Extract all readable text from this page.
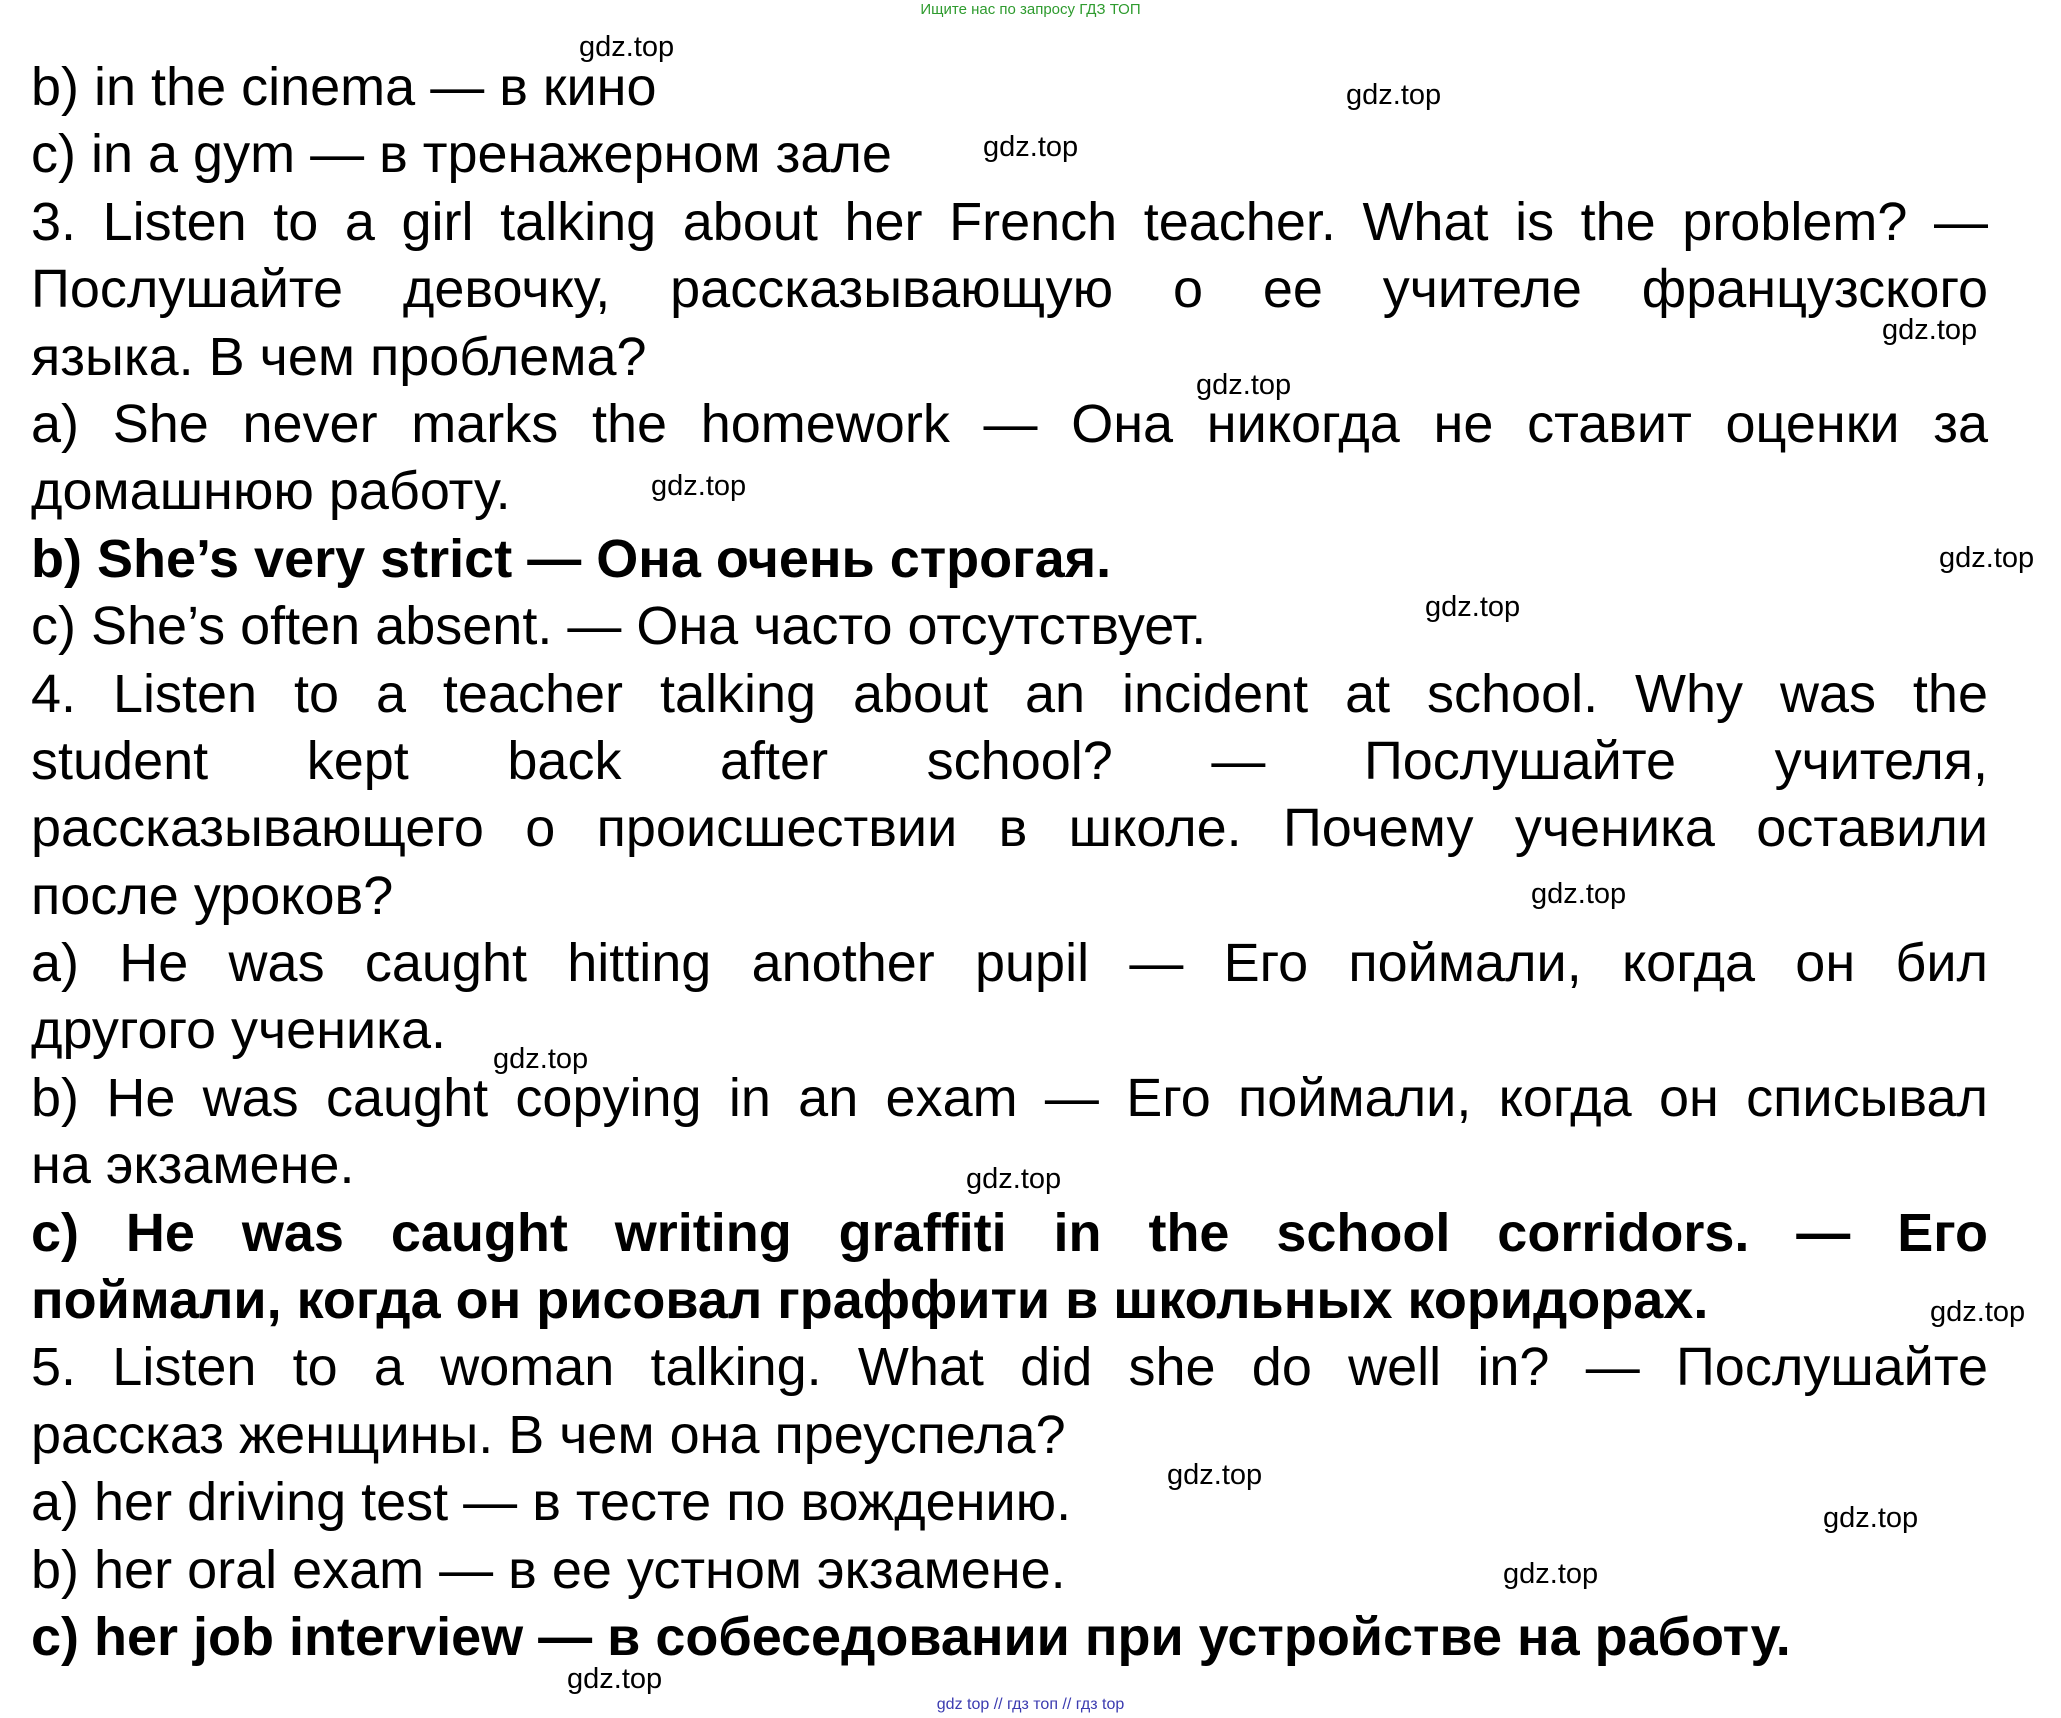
Ищите нас по запросу ГДЗ ТОП
b) in the cinema — в кино
c) in a gym — в тренажерном зале
3. Listen to a girl talking about her French teacher. What is the problem? —
Послушайте девочку, рассказывающую о ее учителе французского
языка. В чем проблема?
a) She never marks the homework — Она никогда не ставит оценки за
домашнюю работу.
b) She’s very strict — Она очень строгая.
c) She’s often absent. — Она часто отсутствует.
4. Listen to a teacher talking about an incident at school. Why was the
student kept back after school? — Послушайте учителя,
рассказывающего о происшествии в школе. Почему ученика оставили
после уроков?
a) He was caught hitting another pupil — Его поймали, когда он бил
другого ученика.
b) He was caught copying in an exam — Его поймали, когда он списывал
на экзамене.
c) He was caught writing graffiti in the school corridors. — Его
поймали, когда он рисовал граффити в школьных коридорах.
5. Listen to a woman talking. What did she do well in? — Послушайте
рассказ женщины. В чем она преуспела?
a) her driving test — в тесте по вождению.
b) her oral exam — в ее устном экзамене.
c) her job interview — в собеседовании при устройстве на работу.
gdz.top
gdz.top
gdz.top
gdz.top
gdz.top
gdz.top
gdz.top
gdz.top
gdz.top
gdz.top
gdz.top
gdz.top
gdz.top
gdz.top
gdz.top
gdz.top
gdz top // гдз топ // гдз top
